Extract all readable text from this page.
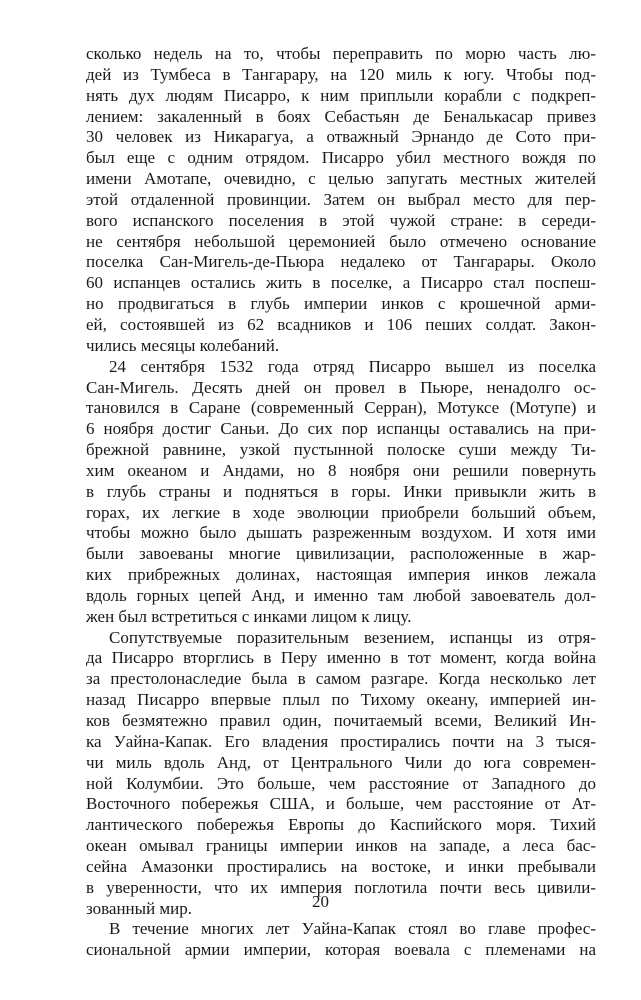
сколько недель на то, чтобы переправить по морю часть лю-
дей из Тумбеса в Тангарару, на 120 миль к югу. Чтобы под-
нять дух людям Писарро, к ним приплыли корабли с подкреп-
лением: закаленный в боях Себастьян де Беналькасар привез
30 человек из Никарагуа, а отважный Эрнандо де Сото при-
был еще с одним отрядом. Писарро убил местного вождя по
имени Амотапе, очевидно, с целью запугать местных жителей
этой отдаленной провинции. Затем он выбрал место для пер-
вого испанского поселения в этой чужой стране: в середи-
не сентября небольшой церемонией было отмечено основание
поселка Сан-Мигель-де-Пьюра недалеко от Тангарары. Около
60 испанцев остались жить в поселке, а Писарро стал поспеш-
но продвигаться в глубь империи инков с крошечной арми-
ей, состоявшей из 62 всадников и 106 пеших солдат. Закон-
чились месяцы колебаний.
24 сентября 1532 года отряд Писарро вышел из поселка
Сан-Мигель. Десять дней он провел в Пьюре, ненадолго ос-
тановился в Саране (современный Серран), Мотуксе (Мотупе) и
6 ноября достиг Саньи. До сих пор испанцы оставались на при-
брежной равнине, узкой пустынной полоске суши между Ти-
хим океаном и Андами, но 8 ноября они решили повернуть
в глубь страны и подняться в горы. Инки привыкли жить в
горах, их легкие в ходе эволюции приобрели больший объем,
чтобы можно было дышать разреженным воздухом. И хотя ими
были завоеваны многие цивилизации, расположенные в жар-
ких прибрежных долинах, настоящая империя инков лежала
вдоль горных цепей Анд, и именно там любой завоеватель дол-
жен был встретиться с инками лицом к лицу.
Сопутствуемые поразительным везением, испанцы из отря-
да Писарро вторглись в Перу именно в тот момент, когда война
за престолонаследие была в самом разгаре. Когда несколько лет
назад Писарро впервые плыл по Тихому океану, империей ин-
ков безмятежно правил один, почитаемый всеми, Великий Ин-
ка Уайна-Капак. Его владения простирались почти на 3 тыся-
чи миль вдоль Анд, от Центрального Чили до юга современ-
ной Колумбии. Это больше, чем расстояние от Западного до
Восточного побережья США, и больше, чем расстояние от Ат-
лантического побережья Европы до Каспийского моря. Тихий
океан омывал границы империи инков на западе, а леса бас-
сейна Амазонки простирались на востоке, и инки пребывали
в уверенности, что их империя поглотила почти весь цивили-
зованный мир.
В течение многих лет Уайна-Капак стоял во главе профес-
сиональной армии империи, которая воевала с племенами на
20
